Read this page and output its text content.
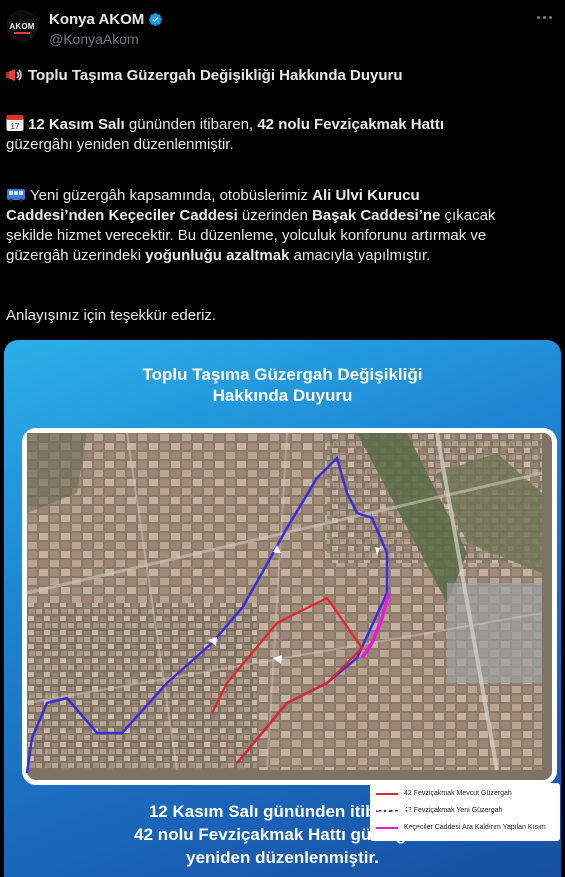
AKOM Konya AKOM
@KonyaAkom

Toplu Taşıma Güzergah Değişikliği Hakkında Duyuru

17 12 Kasım Salı gününden itibaren, 42 nolu Fevziçakmak Hattı
güzergâhı yeniden düzenlenmiştir.

Yeni güzergâh kapsamında, otobüslerimiz Ali Ulvi Kurucu
Caddesi’nden Keçeciler Caddesi üzerinden Başak Caddesi’ne çıkacak
şekilde hizmet verecektir. Bu düzenleme, yolculuk konforunu artırmak ve
güzergâh üzerindeki yoğunluğu azaltmak amacıyla yapılmıştır.

Anlayışınız için teşekkür ederiz.

Toplu Taşıma Güzergah Değişikliği
Hakkında Duyuru
42 Fevziçakmak Mevcut Güzergah
42 Fevziçakmak Yeni Güzergah
Keçeciler Caddesi Ara Kaldırım Yapılan Kısım
12 Kasım Salı gününden itibaren,
42 nolu Fevziçakmak Hattı güzergâhı
yeniden düzenlenmiştir.
